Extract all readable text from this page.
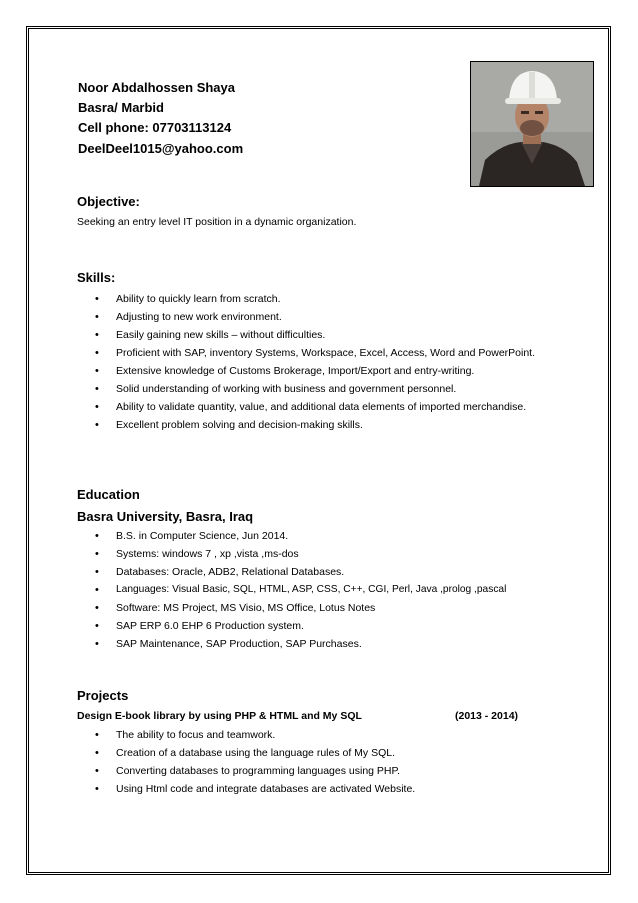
Noor Abdalhossen Shaya
Basra/ Marbid
Cell phone: 07703113124
DeelDeel1015@yahoo.com
Objective:
Seeking an entry level IT position in a dynamic organization.
Skills:
• Ability to quickly learn from scratch.
• Adjusting to new work environment.
• Easily gaining new skills – without difficulties.
• Proficient with SAP, inventory Systems, Workspace, Excel, Access, Word and PowerPoint.
• Extensive knowledge of Customs Brokerage, Import/Export and entry-writing.
• Solid understanding of working with business and government personnel.
• Ability to validate quantity, value, and additional data elements of imported merchandise.
• Excellent problem solving and decision-making skills.
Education
Basra University, Basra, Iraq
• B.S. in Computer Science, Jun 2014.
• Systems: windows 7 , xp ,vista ,ms-dos
• Databases: Oracle, ADB2, Relational Databases.
• Languages: Visual Basic, SQL, HTML, ASP, CSS, C++, CGI, Perl, Java ,prolog ,pascal
• Software: MS Project, MS Visio, MS Office, Lotus Notes
• SAP ERP 6.0 EHP 6 Production system.
• SAP Maintenance, SAP Production, SAP Purchases.
Projects
Design E-book library by using PHP & HTML and My SQL	(2013 - 2014)
• The ability to focus and teamwork.
• Creation of a database using the language rules of My SQL.
• Converting databases to programming languages using PHP.
• Using Html code and integrate databases are activated Website.
